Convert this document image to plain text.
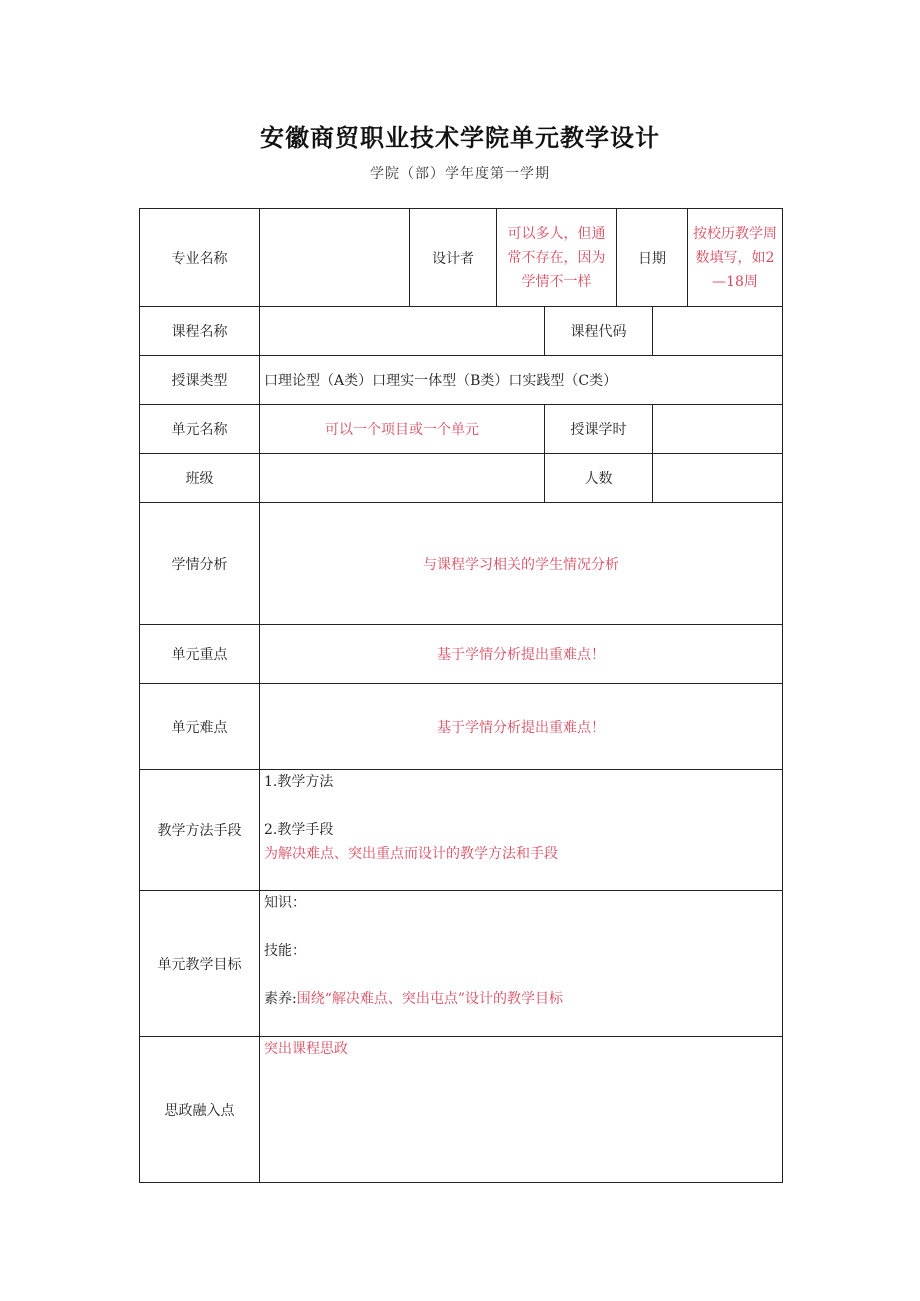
安徽商贸职业技术学院单元教学设计
学院（部）学年度第一学期
专业名称		设计者	可以多人，但通常不存在，因为学情不一样		日期		按校历教学周数填写，如2—18周
课程名称				课程代码			
授课类型	口理论型（A类）口理实一体型（B类）口实践型（C类）						
单元名称	可以一个项目或一个单元			授课学时			
班级				人数			
学情分析	与课程学习相关的学生情况分析						
单元重点	基于学情分析提出重难点！						
单元难点	基于学情分析提出重难点！						
教学方法手段	1.教学方法

2.教学手段

为解决难点、突出重点而设计的教学方法和手段						

单元教学目标	知识：

技能：

素养:围绕“解决难点、突出屯点”设计的教学目标						

思政融入点	突出课程思政						
